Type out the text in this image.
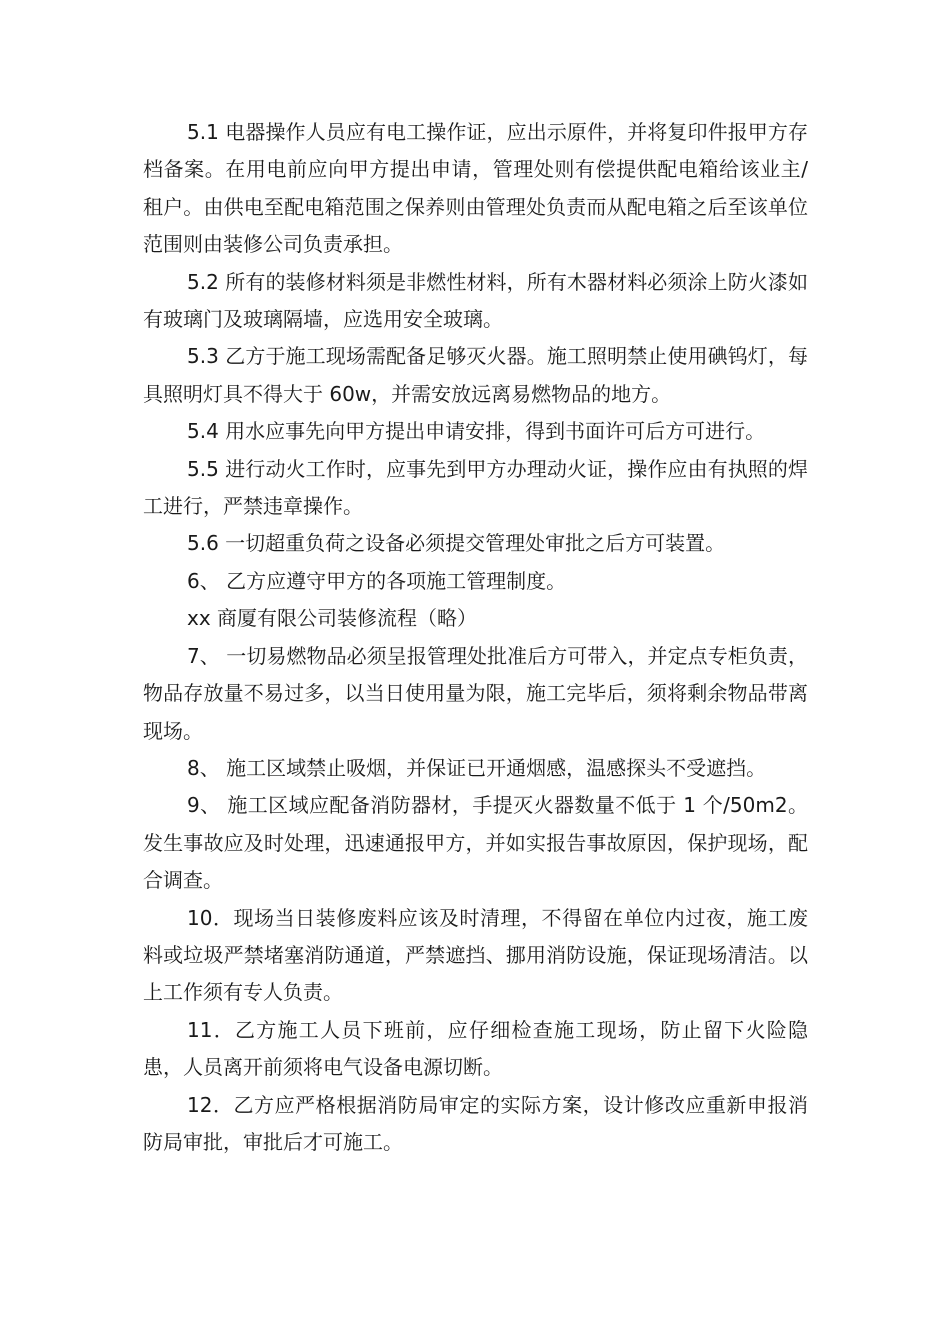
5.1 电器操作人员应有电工操作证，应出示原件，并将复印件报甲方存档备案。在用电前应向甲方提出申请，管理处则有偿提供配电箱给该业主/租户。由供电至配电箱范围之保养则由管理处负责而从配电箱之后至该单位范围则由装修公司负责承担。

5.2 所有的装修材料须是非燃性材料，所有木器材料必须涂上防火漆如有玻璃门及玻璃隔墙，应选用安全玻璃。

5.3 乙方于施工现场需配备足够灭火器。施工照明禁止使用碘钨灯，每具照明灯具不得大于 60w，并需安放远离易燃物品的地方。

5.4 用水应事先向甲方提出申请安排，得到书面许可后方可进行。

5.5 进行动火工作时，应事先到甲方办理动火证，操作应由有执照的焊工进行，严禁违章操作。

5.6 一切超重负荷之设备必须提交管理处审批之后方可装置。

6、 乙方应遵守甲方的各项施工管理制度。

xx 商厦有限公司装修流程（略）

7、 一切易燃物品必须呈报管理处批准后方可带入，并定点专柜负责，物品存放量不易过多，以当日使用量为限，施工完毕后，须将剩余物品带离现场。

8、 施工区域禁止吸烟，并保证已开通烟感，温感探头不受遮挡。

9、 施工区域应配备消防器材，手提灭火器数量不低于 1 个/50m2。发生事故应及时处理，迅速通报甲方，并如实报告事故原因，保护现场，配合调查。

10．现场当日装修废料应该及时清理，不得留在单位内过夜，施工废料或垃圾严禁堵塞消防通道，严禁遮挡、挪用消防设施，保证现场清洁。以上工作须有专人负责。

11．乙方施工人员下班前，应仔细检查施工现场，防止留下火险隐患，人员离开前须将电气设备电源切断。

12．乙方应严格根据消防局审定的实际方案，设计修改应重新申报消防局审批，审批后才可施工。
